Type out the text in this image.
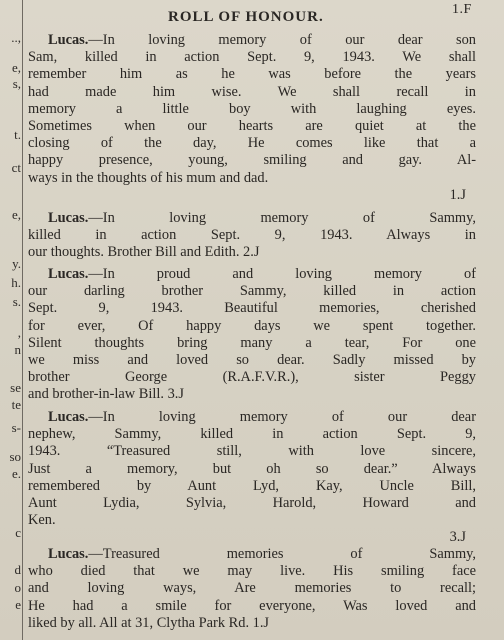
..,
e,
s,
t.
ct
e,
y.
h.
s.
,
n
se
te
s-
so
e.
c
d
o
e
1.F
ROLL OF HONOUR.
Lucas.—In loving memory of our dear son
Sam, killed in action Sept. 9, 1943. We shall
remember him as he was before the years
had made him wise. We shall recall in
memory a little boy with laughing eyes.
Sometimes when our hearts are quiet at the
closing of the day, He comes like that a
happy presence, young, smiling and gay. Al-
ways in the thoughts of his mum and dad.
1.J
Lucas.—In loving memory of Sammy,
killed in action Sept. 9, 1943. Always in
our thoughts. Brother Bill and Edith. 2.J
Lucas.—In proud and loving memory of
our darling brother Sammy, killed in action
Sept. 9, 1943. Beautiful memories, cherished
for ever, Of happy days we spent together.
Silent thoughts bring many a tear, For one
we miss and loved so dear. Sadly missed by
brother George (R.A.F.V.R.), sister Peggy
and brother-in-law Bill. 3.J
Lucas.—In loving memory of our dear
nephew, Sammy, killed in action Sept. 9,
1943. “Treasured still, with love sincere,
Just a memory, but oh so dear.” Always
remembered by Aunt Lyd, Kay, Uncle Bill,
Aunt Lydia, Sylvia, Harold, Howard and
Ken.
3.J
Lucas.—Treasured memories of Sammy,
who died that we may live. His smiling face
and loving ways, Are memories to recall;
He had a smile for everyone, Was loved and
liked by all. All at 31, Clytha Park Rd. 1.J
